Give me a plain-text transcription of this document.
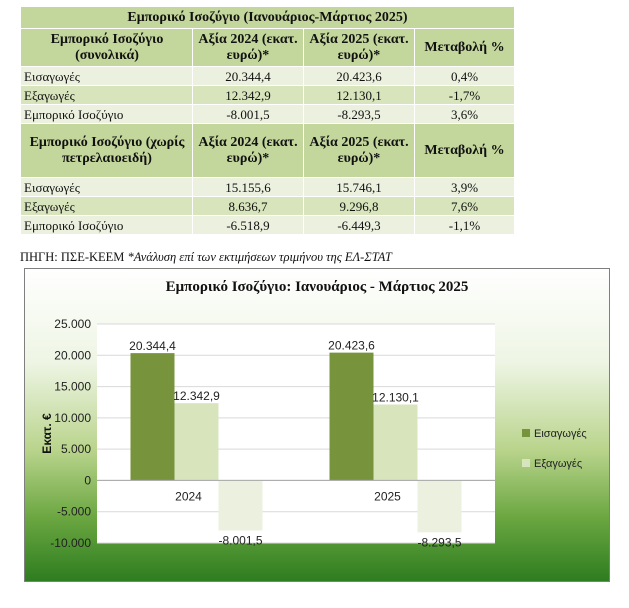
Εμπορικό Ισοζύγιο (Ιανουάριος-Μάρτιος 2025)			
Εμπορικό Ισοζύγιο (συνολικά)	Αξία 2024 (εκατ. ευρώ)*	Αξία 2025 (εκατ. ευρώ)*	Μεταβολή %
Εισαγωγές	20.344,4	20.423,6	0,4%
Εξαγωγές	12.342,9	12.130,1	-1,7%
Εμπορικό Ισοζύγιο	-8.001,5	-8.293,5	3,6%
Εμπορικό Ισοζύγιο (χωρίς πετρελαιοειδή)	Αξία 2024 (εκατ. ευρώ)*	Αξία 2025 (εκατ. ευρώ)*	Μεταβολή %
Εισαγωγές	15.155,6	15.746,1	3,9%
Εξαγωγές	8.636,7	9.296,8	7,6%
Εμπορικό Ισοζύγιο	-6.518,9	-6.449,3	-1,1%
ΠΗΓΗ: ΠΣΕ-ΚΕΕΜ *Ανάλυση επί των εκτιμήσεων τριμήνου της ΕΛ-ΣΤΑΤ
Εμπορικό Ισοζύγιο: Ιανουάριος - Μάρτιος 2025
25.000
20.000
15.000
10.000
5.000
0
-5.000
-10.000
Εκατ. €
20.344,4	20.423,6
12.342,9	12.130,1
-8.001,5	-8.293,5
2024	2025
Εισαγωγές
Εξαγωγές
